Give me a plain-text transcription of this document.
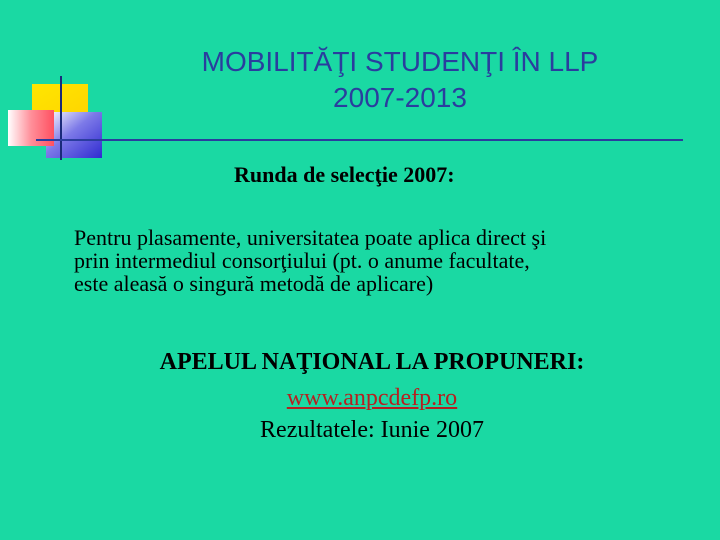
MOBILITĂŢI STUDENŢI ÎN LLP
2007-2013
Runda de selecţie 2007:
Pentru plasamente, universitatea poate aplica direct şi
prin intermediul consorţiului (pt. o anume facultate,
este aleasă o singură metodă de aplicare)
APELUL NAŢIONAL LA PROPUNERI:
www.anpcdefp.ro
Rezultatele: Iunie 2007
